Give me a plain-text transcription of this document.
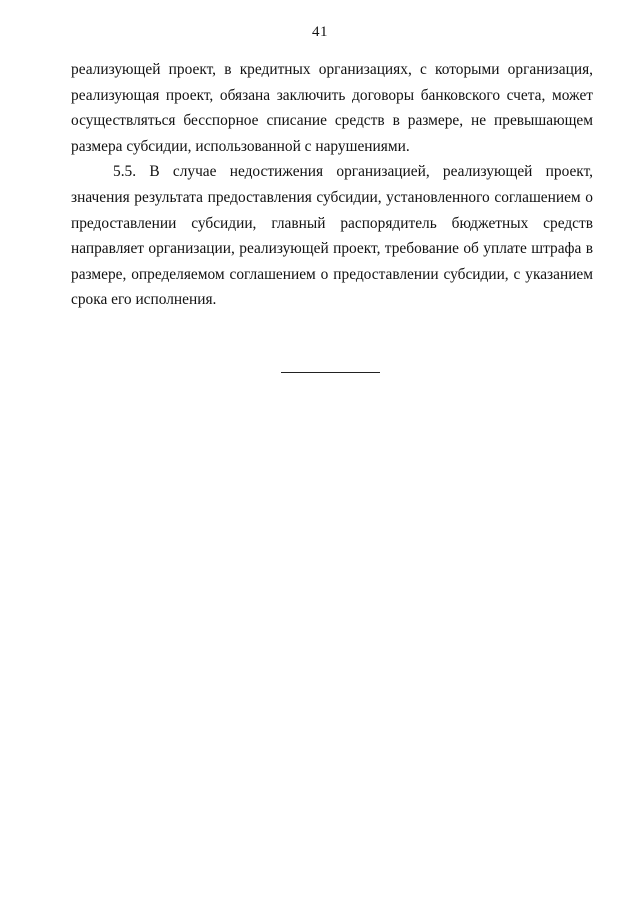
41

реализующей проект, в кредитных организациях, с которыми организация, реализующая проект, обязана заключить договоры банковского счета, может осуществляться бесспорное списание средств в размере, не превышающем размера субсидии, использованной с нарушениями.

5.5. В случае недостижения организацией, реализующей проект, значения результата предоставления субсидии, установленного соглашением о предоставлении субсидии, главный распорядитель бюджетных средств направляет организации, реализующей проект, требование об уплате штрафа в размере, определяемом соглашением о предоставлении субсидии, с указанием срока его исполнения.
